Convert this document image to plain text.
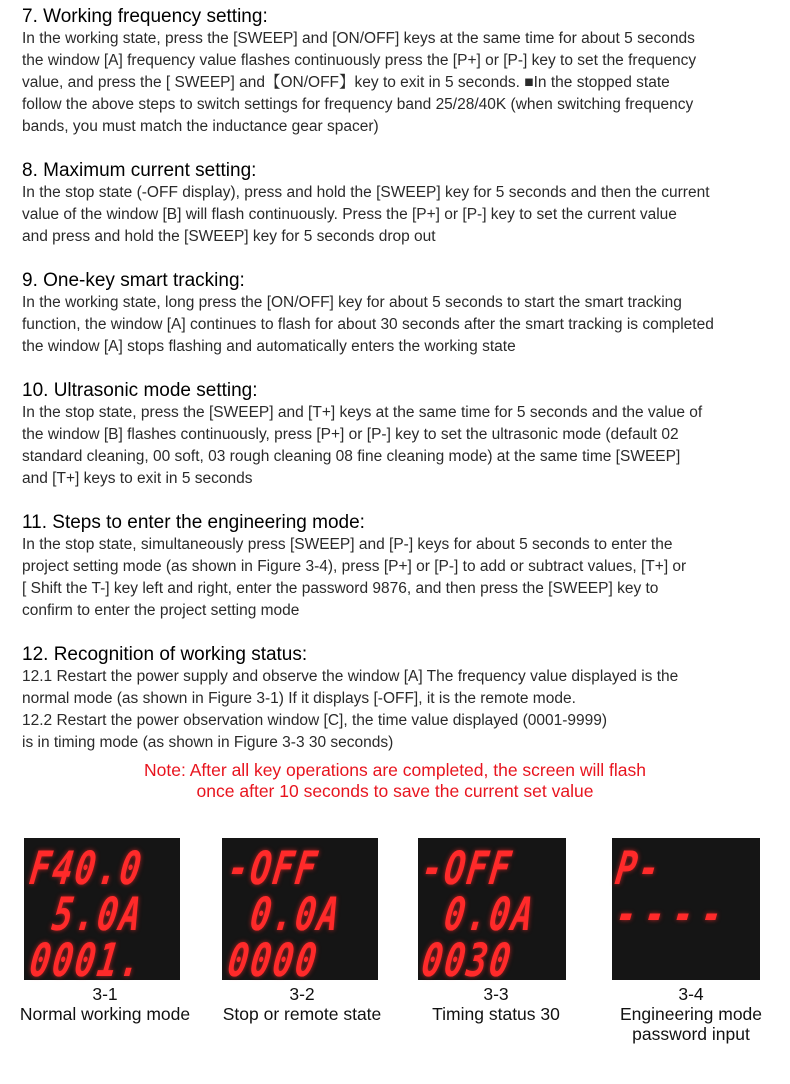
7. Working frequency setting:

In the working state, press the [SWEEP] and [ON/OFF] keys at the same time for about 5 seconds
the window [A] frequency value flashes continuously press the [P+] or [P-] key to set the frequency
value, and press the [ SWEEP] and【ON/OFF】key to exit in 5 seconds. ■In the stopped state
follow the above steps to switch settings for frequency band 25/28/40K (when switching frequency
bands, you must match the inductance gear spacer)

8. Maximum current setting:

In the stop state (-OFF display), press and hold the [SWEEP] key for 5 seconds and then the current
value of the window [B] will flash continuously. Press the [P+] or [P-] key to set the current value
and press and hold the [SWEEP] key for 5 seconds drop out

9. One-key smart tracking:

In the working state, long press the [ON/OFF] key for about 5 seconds to start the smart tracking
function, the window [A] continues to flash for about 30 seconds after the smart tracking is completed
the window [A] stops flashing and automatically enters the working state

10. Ultrasonic mode setting:

In the stop state, press the [SWEEP] and [T+] keys at the same time for 5 seconds and the value of
the window [B] flashes continuously, press [P+] or [P-] key to set the ultrasonic mode (default 02
standard cleaning, 00 soft, 03 rough cleaning 08 fine cleaning mode) at the same time [SWEEP]
and [T+] keys to exit in 5 seconds

11. Steps to enter the engineering mode:

In the stop state, simultaneously press [SWEEP] and [P-] keys for about 5 seconds to enter the
project setting mode (as shown in Figure 3-4), press [P+] or [P-] to add or subtract values, [T+] or
[ Shift the T-] key left and right, enter the password 9876, and then press the [SWEEP] key to
confirm to enter the project setting mode

12. Recognition of working status:

12.1 Restart the power supply and observe the window [A] The frequency value displayed is the
normal mode (as shown in Figure 3-1) If it displays [-OFF], it is the remote mode.
12.2 Restart the power observation window [C], the time value displayed (0001-9999)
is in timing mode (as shown in Figure 3-3 30 seconds)

Note: After all key operations are completed, the screen will flash
once after 10 seconds to save the current set value
F40.0
5.0A
0001.
-OFF
0.0A
0000
-OFF
0.0A
0030
P-
----
3-1
Normal working mode
3-2
Stop or remote state
3-3
Timing status 30
3-4
Engineering mode
password input
